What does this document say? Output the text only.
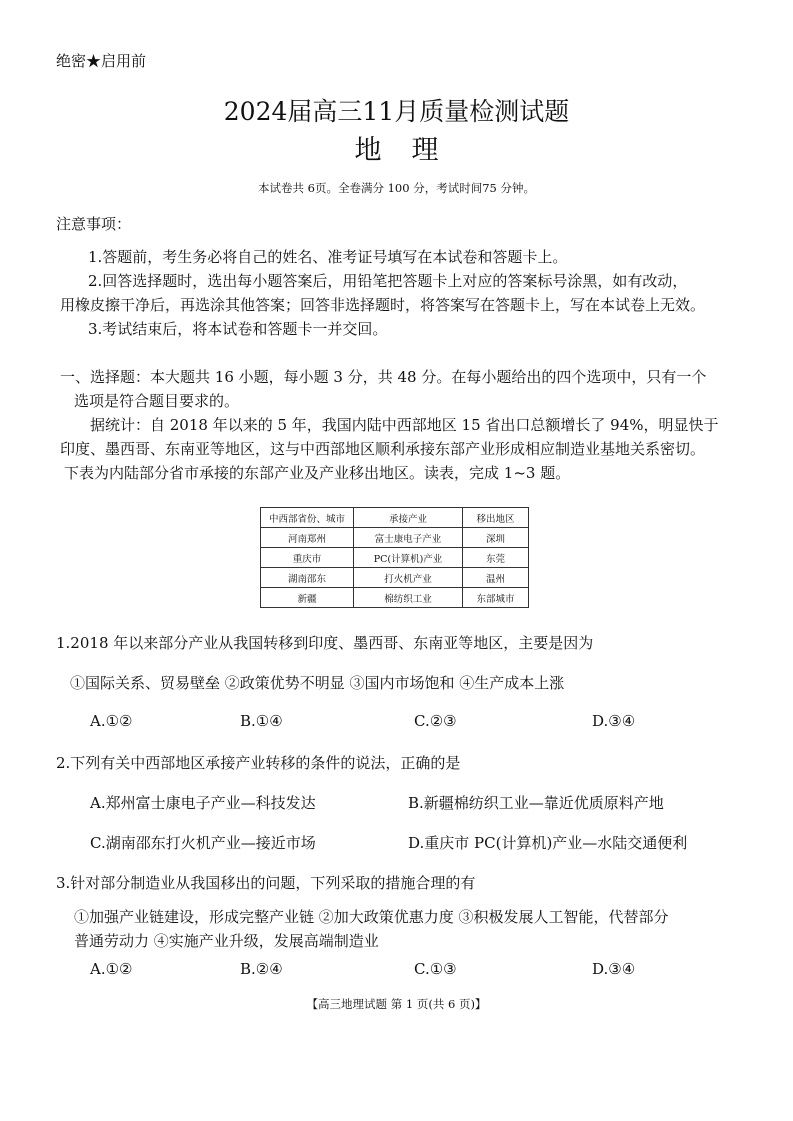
绝密★启用前
2024届高三11月质量检测试题
地理
本试卷共 6页。全卷满分 100 分，考试时间75 分钟。
注意事项：
1.答题前，考生务必将自己的姓名、准考证号填写在本试卷和答题卡上。
2.回答选择题时，选出每小题答案后，用铅笔把答题卡上对应的答案标号涂黑，如有改动，
用橡皮擦干净后，再选涂其他答案；回答非选择题时，将答案写在答题卡上，写在本试卷上无效。
3.考试结束后，将本试卷和答题卡一并交回。
一、选择题：本大题共 16 小题，每小题 3 分，共 48 分。在每小题给出的四个选项中，只有一个
选项是符合题目要求的。
据统计：自 2018 年以来的 5 年，我国内陆中西部地区 15 省出口总额增长了 94%，明显快于
印度、墨西哥、东南亚等地区，这与中西部地区顺利承接东部产业形成相应制造业基地关系密切。
下表为内陆部分省市承接的东部产业及产业移出地区。读表，完成 1~3 题。
中西部省份、城市	承接产业	移出地区
河南郑州	富士康电子产业	深圳
重庆市	PC(计算机)产业	东莞
湖南邵东	打火机产业	温州
新疆	棉纺织工业	东部城市
1.2018 年以来部分产业从我国转移到印度、墨西哥、东南亚等地区，主要是因为
①国际关系、贸易壁垒 ②政策优势不明显 ③国内市场饱和 ④生产成本上涨
A.①②	B.①④	C.②③	D.③④
2.下列有关中西部地区承接产业转移的条件的说法，正确的是
A.郑州富士康电子产业—科技发达	B.新疆棉纺织工业—靠近优质原料产地
C.湖南邵东打火机产业—接近市场	D.重庆市 PC(计算机)产业—水陆交通便利
3.针对部分制造业从我国移出的问题，下列采取的措施合理的有
①加强产业链建设，形成完整产业链 ②加大政策优惠力度 ③积极发展人工智能，代替部分
普通劳动力 ④实施产业升级，发展高端制造业
A.①②	B.②④	C.①③	D.③④
【高三地理试题 第 1 页(共 6 页)】
